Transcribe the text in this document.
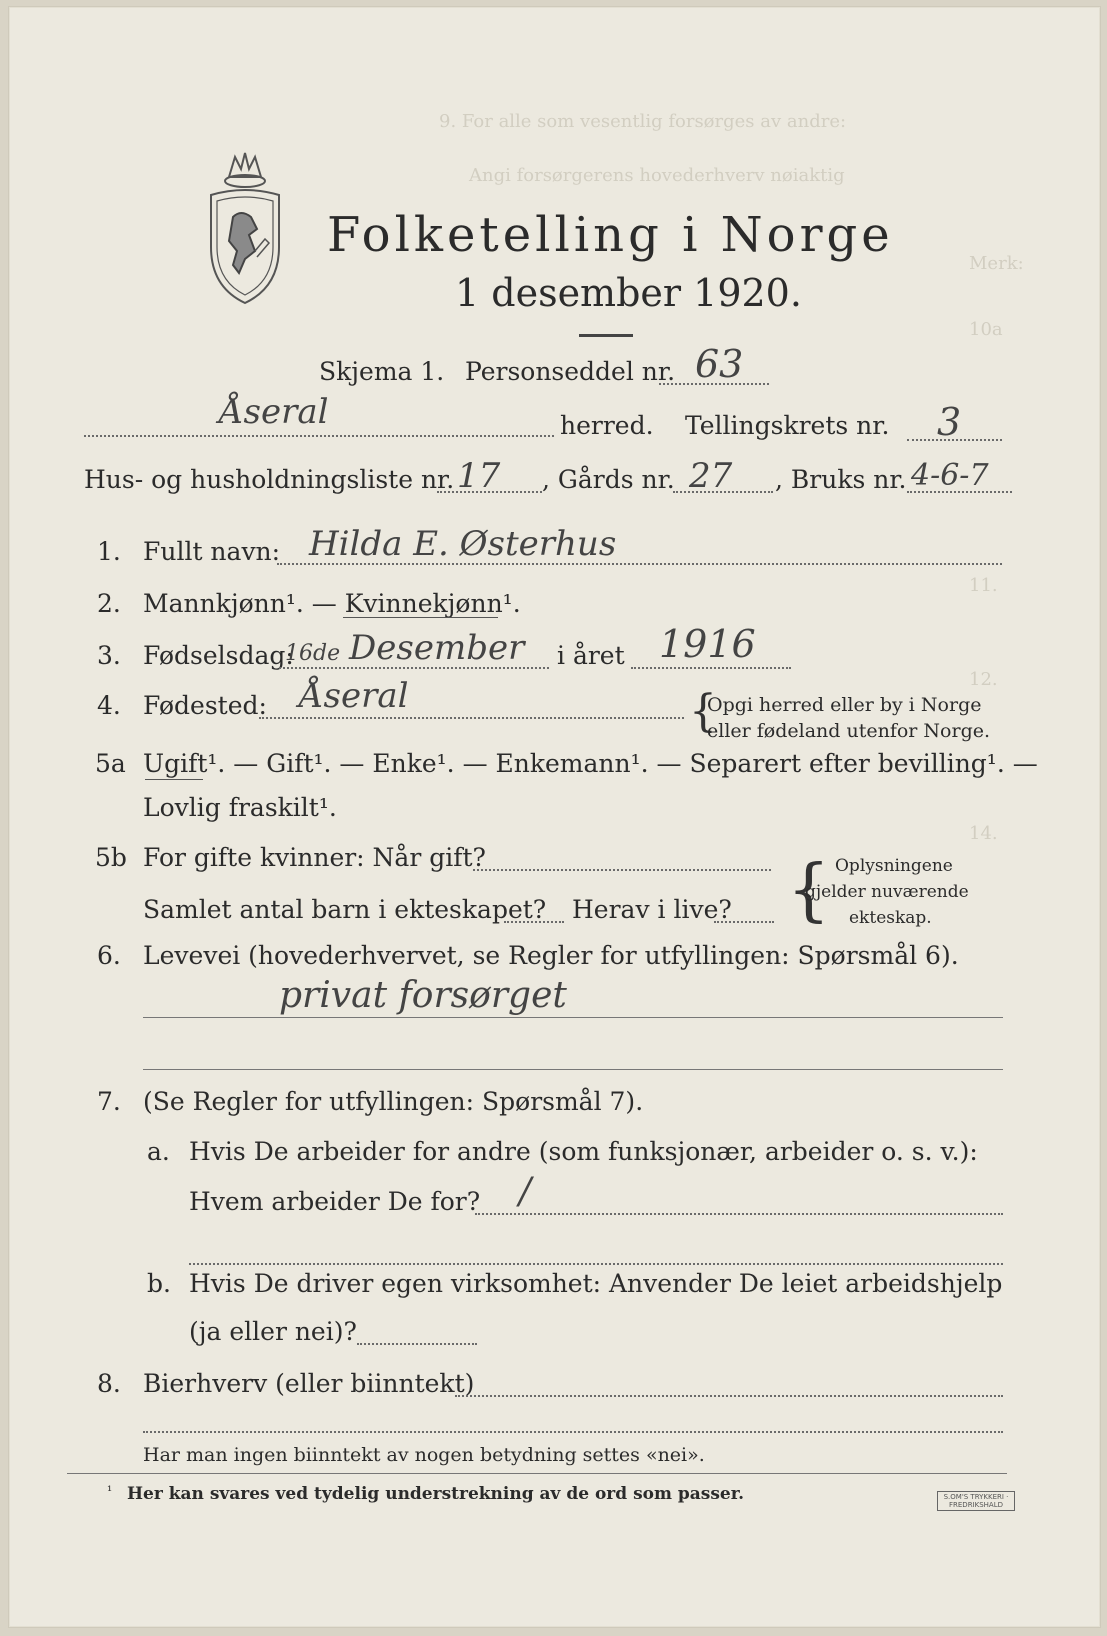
9. For alle som vesentlig forsørges av andre:
Angi forsørgerens hovederhverv nøiaktig
Merk:
10a
11.
12.
14.
Folketelling i Norge
1 desember 1920.
Skjema 1. Personseddel nr. 63
Åseral	herred. Tellingskrets nr. 3
Hus- og husholdningsliste nr. 17 , Gårds nr. 27 , Bruks nr. 4-6-7
1. Fullt navn: Hilda E. Østerhus
2. Mannkjønn¹. — Kvinnekjønn¹.
3. Fødselsdag:
16de Desember i året 1916
4. Fødested: Åseral	{
Opgi herred eller by i Norge
eller fødeland utenfor Norge.
5a Ugift¹. — Gift¹. — Enke¹. — Enkemann¹. — Separert efter bevilling¹. —
Lovlig fraskilt¹.
5b For gifte kvinner: Når gift?
Samlet antal barn i ekteskapet? Herav i live? { Oplysningene
gjelder nuværende
ekteskap.
6. Levevei (hovederhvervet, se Regler for utfyllingen: Spørsmål 6).
privat forsørget
7. (Se Regler for utfyllingen: Spørsmål 7).
a. Hvis De arbeider for andre (som funksjonær, arbeider o. s. v.):
Hvem arbeider De for? /
b. Hvis De driver egen virksomhet: Anvender De leiet arbeidshjelp
(ja eller nei)?
8. Bierhverv (eller biinntekt)
Har man ingen biinntekt av nogen betydning settes «nei».
¹ Her kan svares ved tydelig understrekning av de ord som passer.	S.OM'S TRYKKERI · FREDRIKSHALD
